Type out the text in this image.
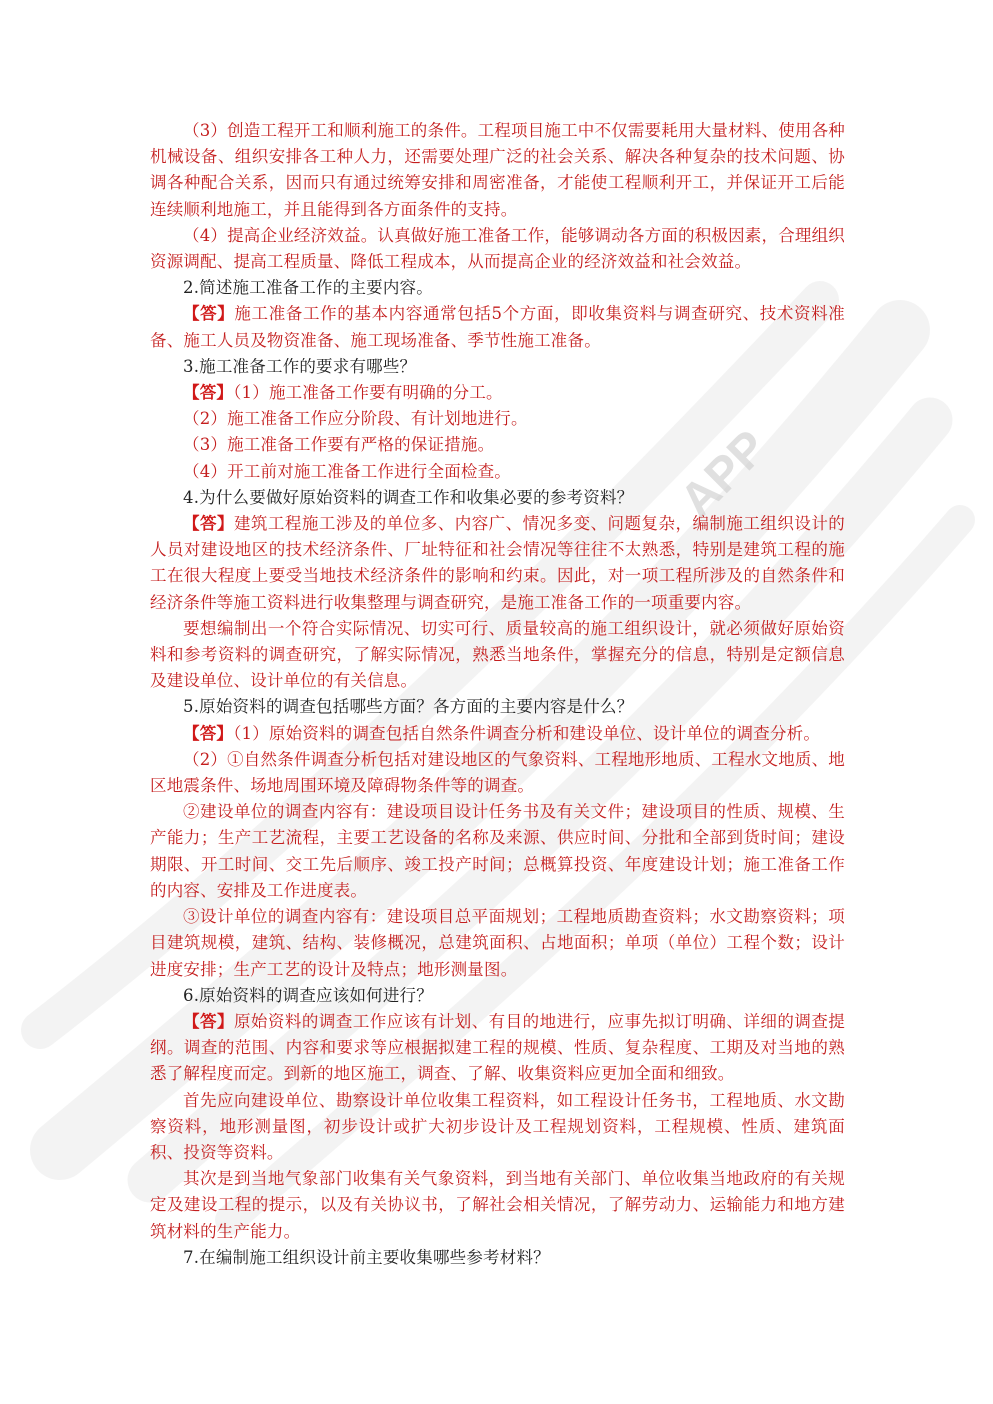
APP

（3）创造工程开工和顺利施工的条件。工程项目施工中不仅需要耗用大量材料、使用各种机械设备、组织安排各工种人力，还需要处理广泛的社会关系、解决各种复杂的技术问题、协调各种配合关系，因而只有通过统筹安排和周密准备，才能使工程顺利开工，并保证开工后能连续顺利地施工，并且能得到各方面条件的支持。

（4）提高企业经济效益。认真做好施工准备工作，能够调动各方面的积极因素，合理组织资源调配、提高工程质量、降低工程成本，从而提高企业的经济效益和社会效益。

2.简述施工准备工作的主要内容。

【答】施工准备工作的基本内容通常包括5个方面，即收集资料与调查研究、技术资料准备、施工人员及物资准备、施工现场准备、季节性施工准备。

3.施工准备工作的要求有哪些？

【答】（1）施工准备工作要有明确的分工。

（2）施工准备工作应分阶段、有计划地进行。

（3）施工准备工作要有严格的保证措施。

（4）开工前对施工准备工作进行全面检查。

4.为什么要做好原始资料的调查工作和收集必要的参考资料？

【答】建筑工程施工涉及的单位多、内容广、情况多变、问题复杂，编制施工组织设计的人员对建设地区的技术经济条件、厂址特征和社会情况等往往不太熟悉，特别是建筑工程的施工在很大程度上要受当地技术经济条件的影响和约束。因此，对一项工程所涉及的自然条件和经济条件等施工资料进行收集整理与调查研究，是施工准备工作的一项重要内容。

要想编制出一个符合实际情况、切实可行、质量较高的施工组织设计，就必须做好原始资料和参考资料的调查研究，了解实际情况，熟悉当地条件，掌握充分的信息，特别是定额信息及建设单位、设计单位的有关信息。

5.原始资料的调查包括哪些方面？各方面的主要内容是什么？

【答】（1）原始资料的调查包括自然条件调查分析和建设单位、设计单位的调查分析。

（2）①自然条件调查分析包括对建设地区的气象资料、工程地形地质、工程水文地质、地区地震条件、场地周围环境及障碍物条件等的调查。

②建设单位的调查内容有：建设项目设计任务书及有关文件；建设项目的性质、规模、生产能力；生产工艺流程，主要工艺设备的名称及来源、供应时间、分批和全部到货时间；建设期限、开工时间、交工先后顺序、竣工投产时间；总概算投资、年度建设计划；施工准备工作的内容、安排及工作进度表。

③设计单位的调查内容有：建设项目总平面规划；工程地质勘查资料；水文勘察资料；项目建筑规模，建筑、结构、装修概况，总建筑面积、占地面积；单项（单位）工程个数；设计进度安排；生产工艺的设计及特点；地形测量图。

6.原始资料的调查应该如何进行？

【答】原始资料的调查工作应该有计划、有目的地进行，应事先拟订明确、详细的调查提纲。调查的范围、内容和要求等应根据拟建工程的规模、性质、复杂程度、工期及对当地的熟悉了解程度而定。到新的地区施工，调查、了解、收集资料应更加全面和细致。

首先应向建设单位、勘察设计单位收集工程资料，如工程设计任务书，工程地质、水文勘察资料，地形测量图，初步设计或扩大初步设计及工程规划资料，工程规模、性质、建筑面积、投资等资料。

其次是到当地气象部门收集有关气象资料，到当地有关部门、单位收集当地政府的有关规定及建设工程的提示，以及有关协议书，了解社会相关情况，了解劳动力、运输能力和地方建筑材料的生产能力。

7.在编制施工组织设计前主要收集哪些参考材料？
